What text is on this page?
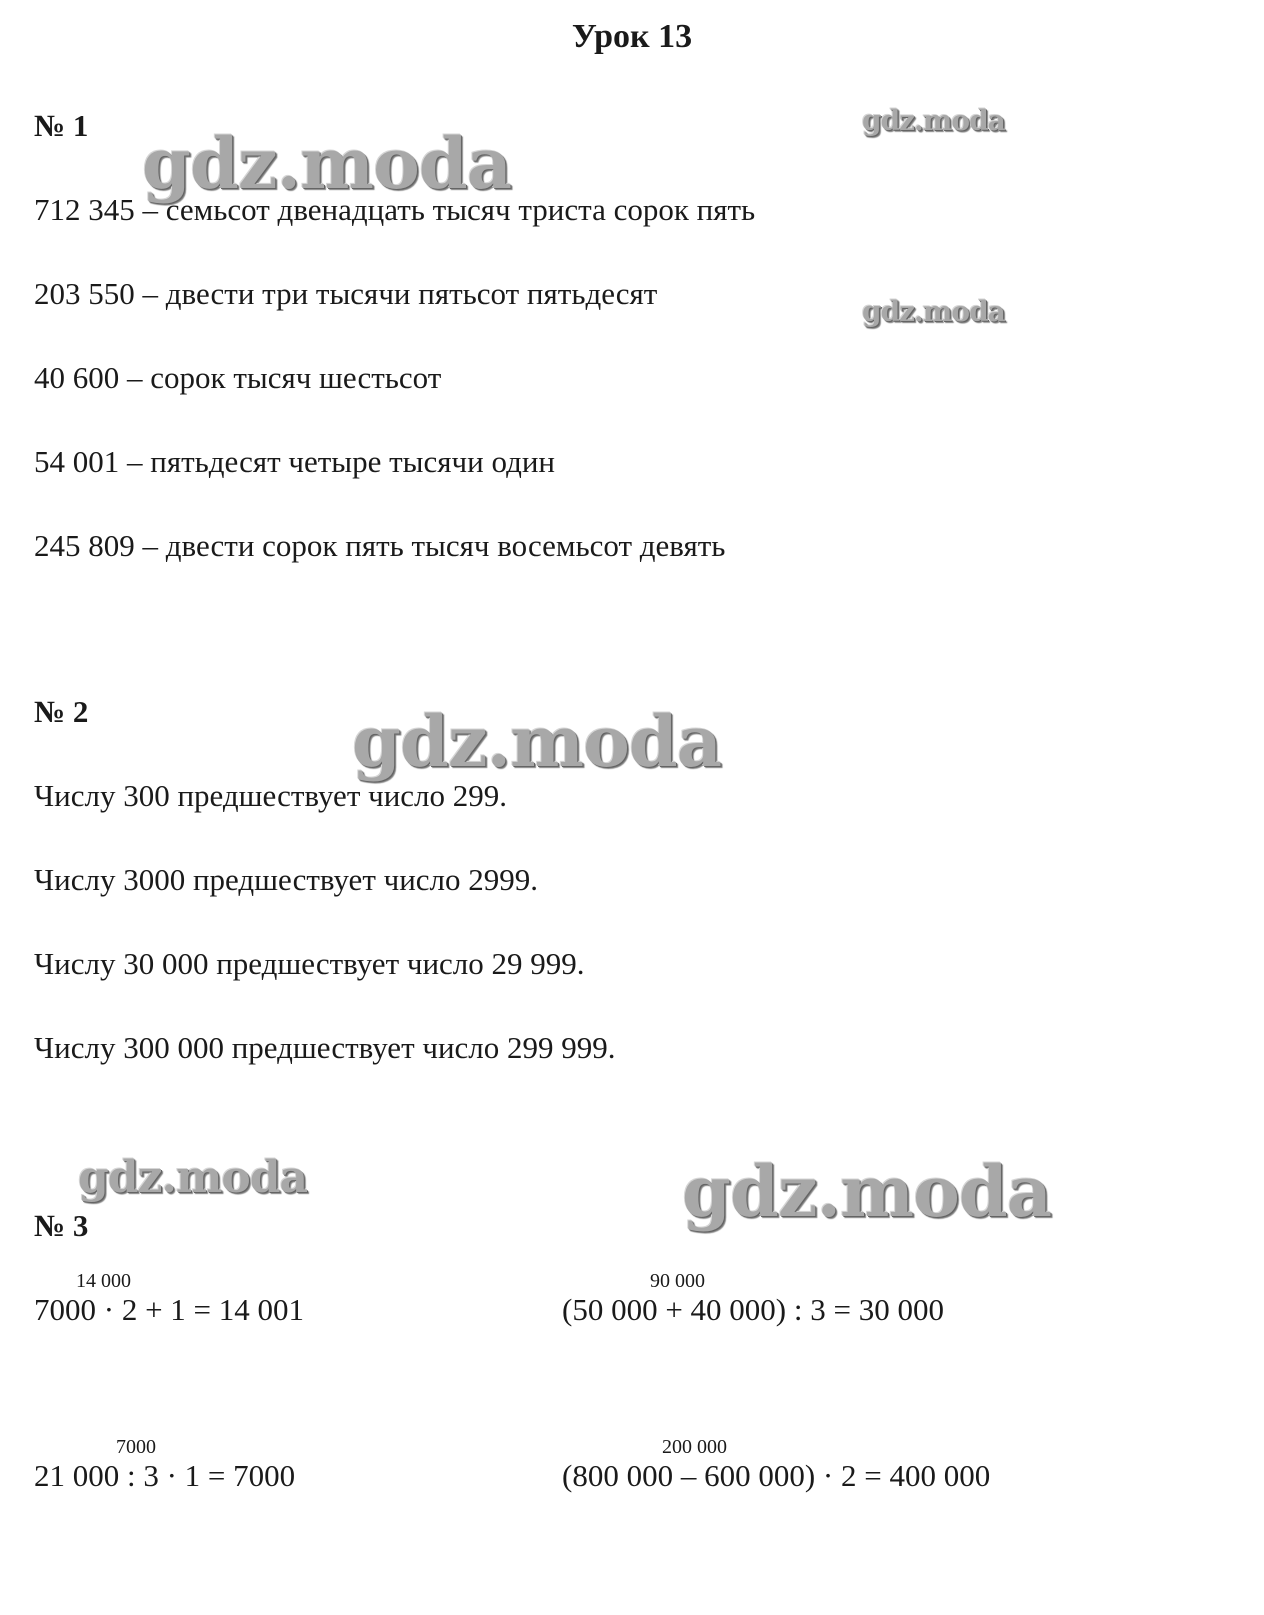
Урок 13
gdz.moda
gdz.moda
gdz.moda
gdz.moda
gdz.moda	gdz.moda
№ 1
712 345 – семьсот двенадцать тысяч триста сорок пять
203 550 – двести три тысячи пятьсот пятьдесят
40 600 – сорок тысяч шестьсот
54 001 – пятьдесят четыре тысячи один
245 809 – двести сорок пять тысяч восемьсот девять
№ 2
Числу 300 предшествует число 299.
Числу 3000 предшествует число 2999.
Числу 30 000 предшествует число 29 999.
Числу 300 000 предшествует число 299 999.
№ 3
14 000
7000 · 2 + 1 = 14 001
90 000
(50 000 + 40 000) : 3 = 30 000
7000
21 000 : 3 · 1 = 7000
200 000
(800 000 – 600 000) · 2 = 400 000
